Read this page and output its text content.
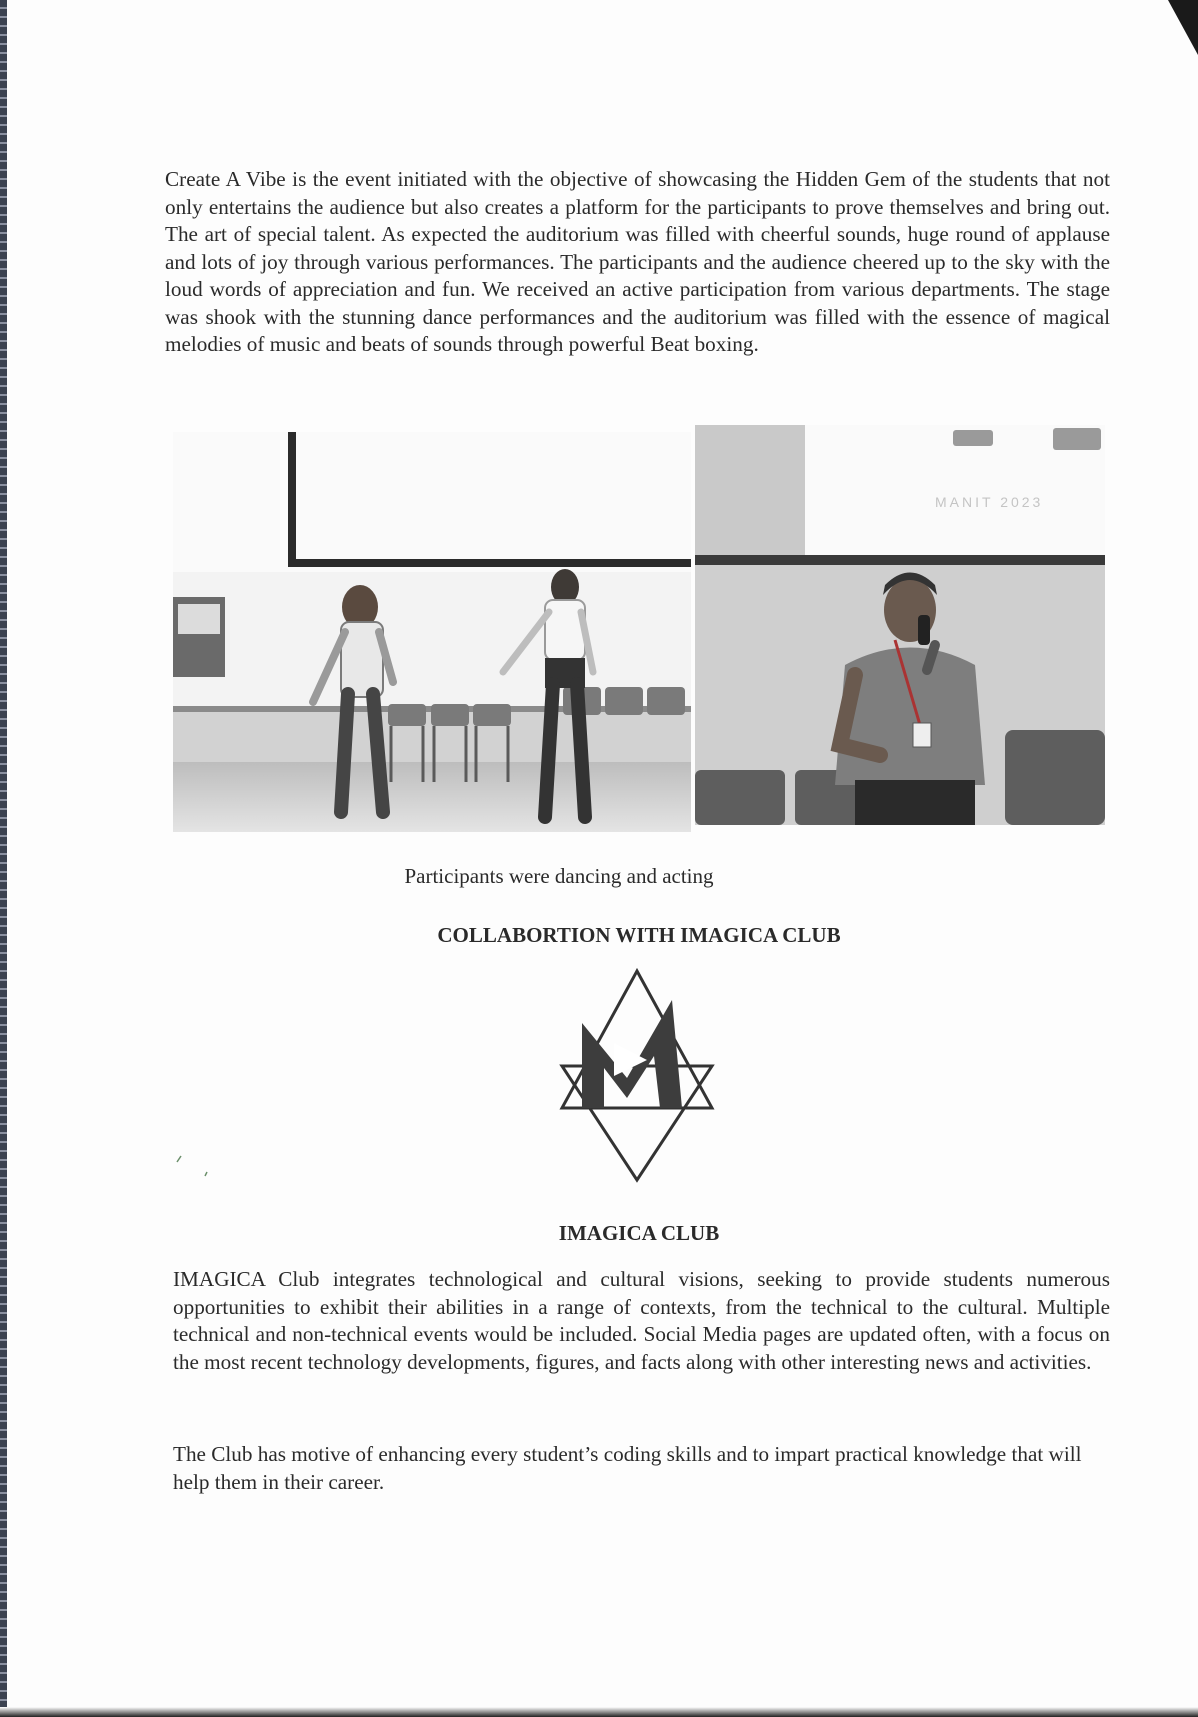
Create A Vibe is the event initiated with the objective of showcasing the Hidden Gem of the students that not only entertains the audience but also creates a platform for the participants to prove themselves and bring out. The art of special talent. As expected the auditorium was filled with cheerful sounds, huge round of applause and lots of joy through various performances. The participants and the audience cheered up to the sky with the loud words of appreciation and fun. We received an active participation from various departments. The stage was shook with the stunning dance performances and the auditorium was filled with the essence of magical melodies of music and beats of sounds through powerful Beat boxing.

MANIT 2023

Participants were dancing and acting

COLLABORTION WITH IMAGICA CLUB

IMAGICA CLUB

IMAGICA Club integrates technological and cultural visions, seeking to provide students numerous opportunities to exhibit their abilities in a range of contexts, from the technical to the cultural. Multiple technical and non-technical events would be included. Social Media pages are updated often, with a focus on the most recent technology developments, figures, and facts along with other interesting news and activities.

The Club has motive of enhancing every student’s coding skills and to impart practical knowledge that will help them in their career.
